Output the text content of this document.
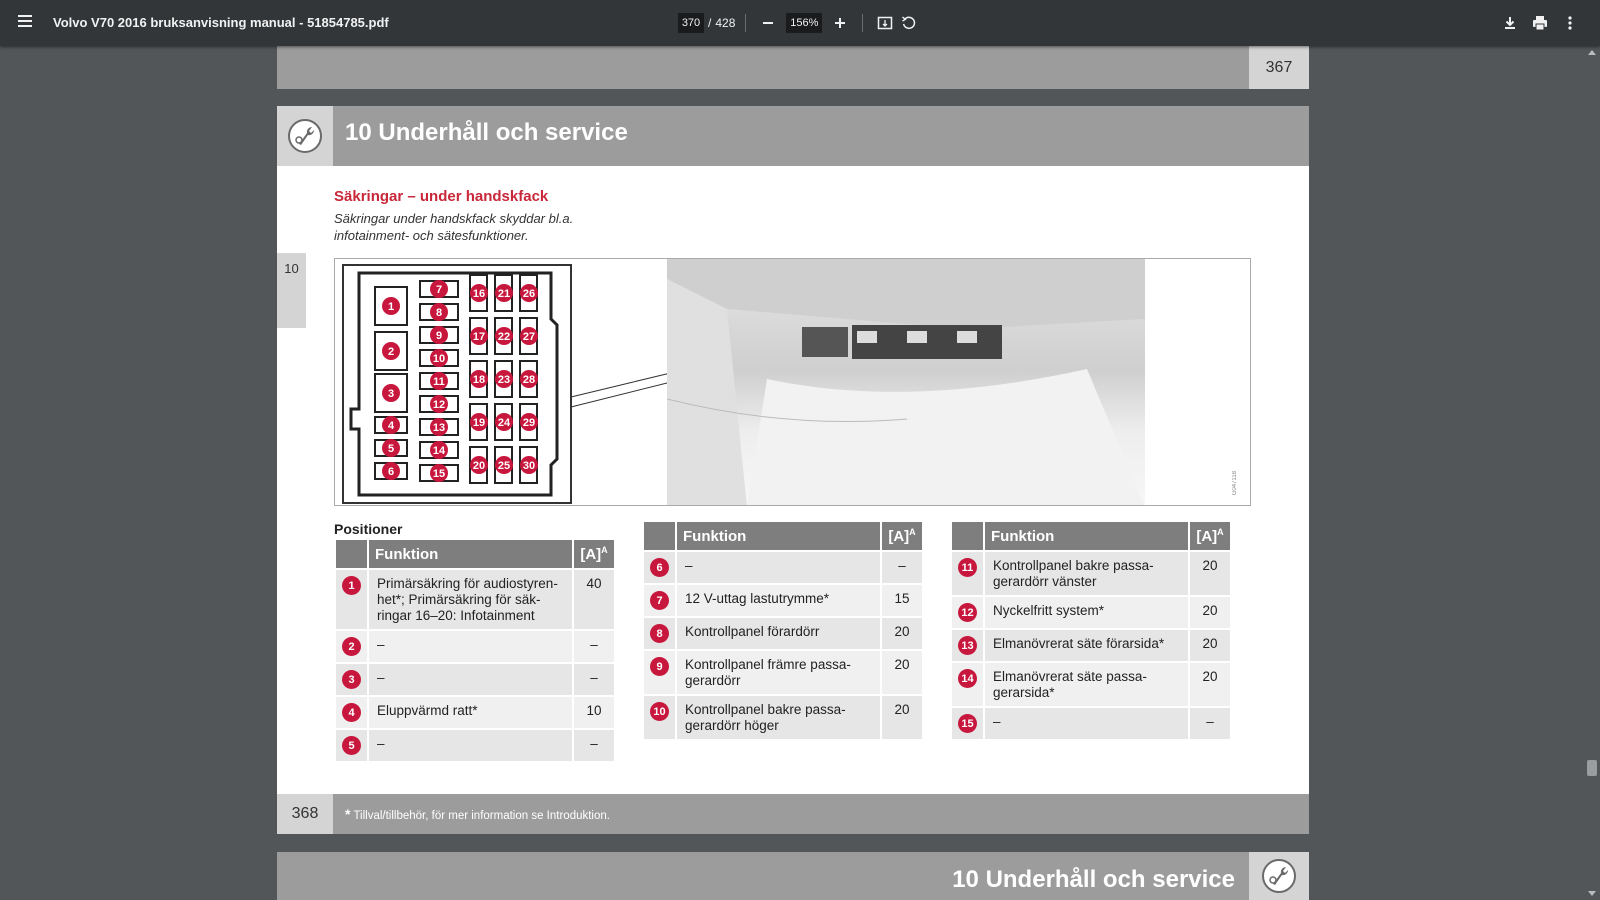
Volvo V70 2016 bruksanvisning manual - 51854785.pdf	370 / 428	156%
367
10 Underhåll och service
10
Säkringar – under handskfack
Säkringar under handskfack skyddar bl.a.
infotainment- och sätesfunktioner.
1
2
3
4
5
6
7
8
9
10
11
12
13
14
15
16
17
18
19
20
21
22
23
24
25
26
27
28
29
30
G047118
Positioner
	Funktion	$[A]^A$
1	Primärsäkring för audiostyren-het*; Primärsäkring för säk-ringar 16–20: Infotainment	40
2	–	–
3	–	–
4	Eluppvärmd ratt*	10
5	–	–
	Funktion	$[A]^A$
6	–	–
7	12 V-uttag lastutrymme*	15
8	Kontrollpanel förardörr	20
9	Kontrollpanel främre passa-gerardörr	20
10	Kontrollpanel bakre passa-gerardörr höger	20
	Funktion	$[A]^A$
11	Kontrollpanel bakre passa-gerardörr vänster	20
12	Nyckelfritt system*	20
13	Elmanövrerat säte förarsida*	20
14	Elmanövrerat säte passa-gerarsida*	20
15	–	–
368	* Tillval/tillbehör, för mer information se Introduktion.
10 Underhåll och service
